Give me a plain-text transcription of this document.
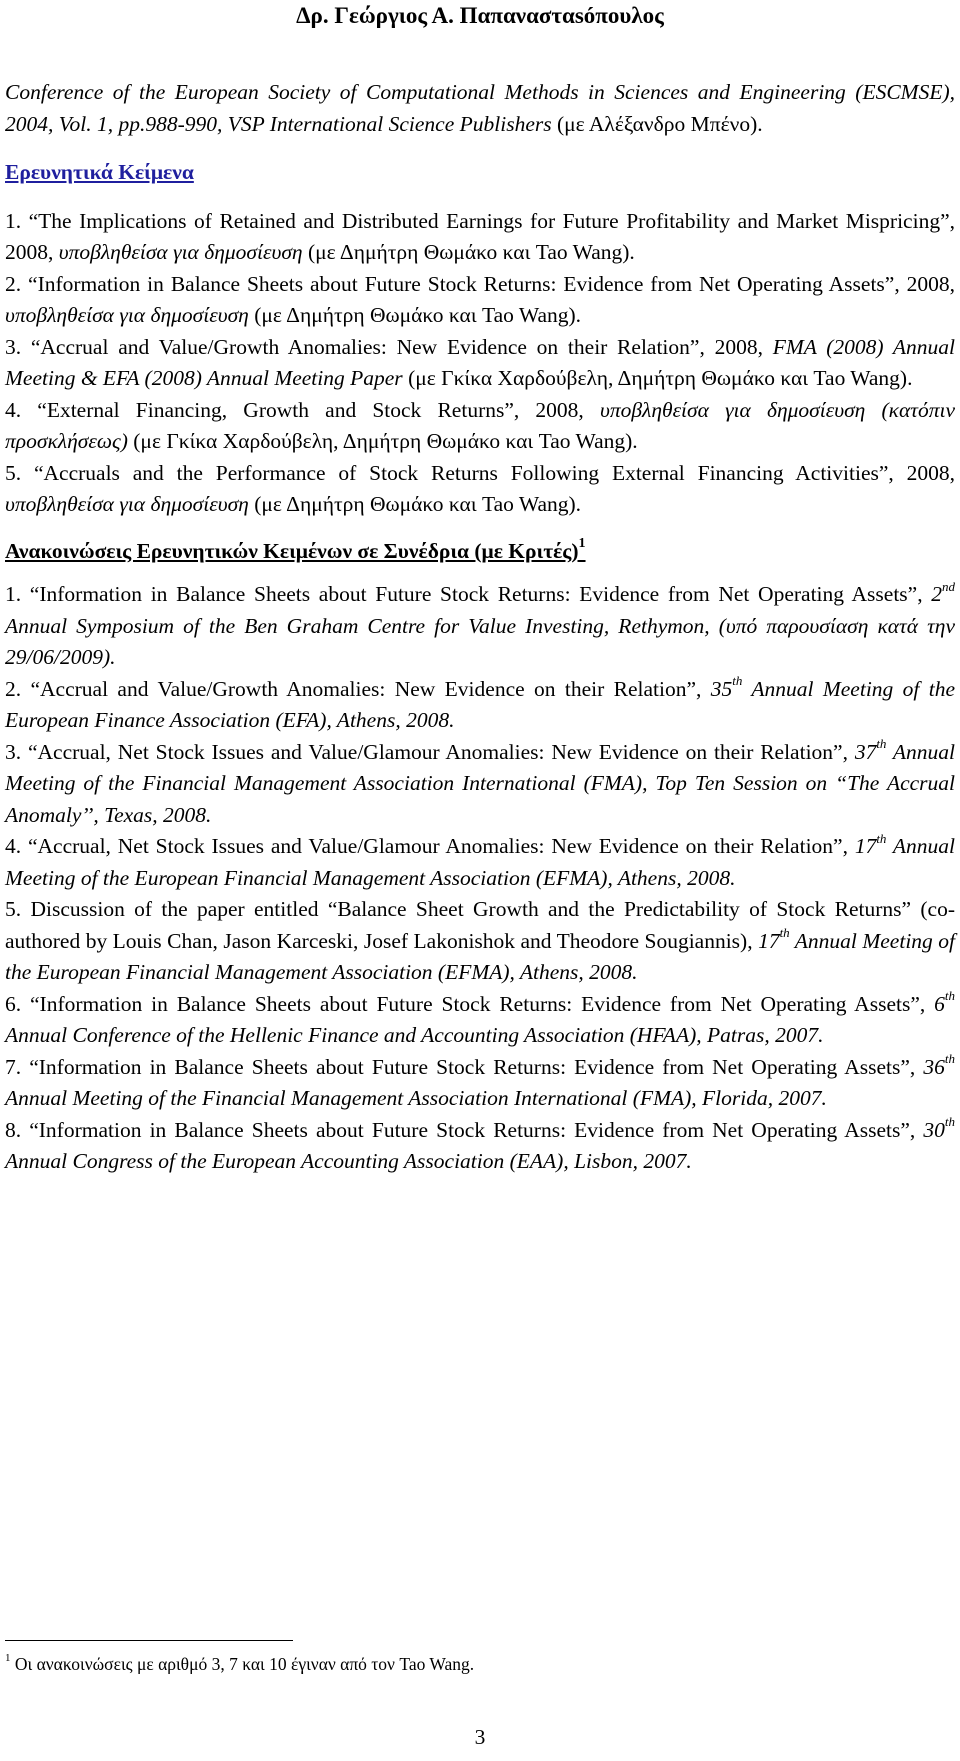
Δρ. Γεώργιος Α. Παπανασταsóπουλος

Conference of the European Society of Computational Methods in Sciences and Engineering (ESCMSE), 2004, Vol. 1, pp.988-990, VSP International Science Publishers (με Αλέξανδρο Μπένο).

Ερευνητικά Κείμενα

1. “The Implications of Retained and Distributed Earnings for Future Profitability and Market Mispricing”, 2008, υποβληθείσα για δημοσίευση (με Δημήτρη Θωμάκο και Tao Wang).

2. “Information in Balance Sheets about Future Stock Returns: Evidence from Net Operating Assets”, 2008, υποβληθείσα για δημοσίευση (με Δημήτρη Θωμάκο και Tao Wang).

3. “Accrual and Value/Growth Anomalies: New Evidence on their Relation”, 2008, FMA (2008) Annual Meeting & EFA (2008) Annual Meeting Paper (με Γκίκα Χαρδούβελη, Δημήτρη Θωμάκο και Tao Wang).

4. “External Financing, Growth and Stock Returns”, 2008, υποβληθείσα για δημοσίευση (κατόπιν προσκλήσεως) (με Γκίκα Χαρδούβελη, Δημήτρη Θωμάκο και Tao Wang).

5. “Accruals and the Performance of Stock Returns Following External Financing Activities”, 2008, υποβληθείσα για δημοσίευση (με Δημήτρη Θωμάκο και Tao Wang).

Ανακοινώσεις Ερευνητικών Κειμένων σε Συνέδρια (με Κριτές)$^1$

1. “Information in Balance Sheets about Future Stock Returns: Evidence from Net Operating Assets”, 2nd Annual Symposium of the Ben Graham Centre for Value Investing, Rethymon, (υπό παρουσίαση κατά την 29/06/2009).

2. “Accrual and Value/Growth Anomalies: New Evidence on their Relation”, 35th Annual Meeting of the European Finance Association (EFA), Athens, 2008.

3. “Accrual, Net Stock Issues and Value/Glamour Anomalies: New Evidence on their Relation”, 37th Annual Meeting of the Financial Management Association International (FMA), Top Ten Session on “The Accrual Anomaly’’, Texas, 2008.

4. “Accrual, Net Stock Issues and Value/Glamour Anomalies: New Evidence on their Relation”, 17th Annual Meeting of the European Financial Management Association (EFMA), Athens, 2008.

5. Discussion of the paper entitled “Balance Sheet Growth and the Predictability of Stock Returns” (co-authored by Louis Chan, Jason Karceski, Josef Lakonishok and Theodore Sougiannis), 17th Annual Meeting of the European Financial Management Association (EFMA), Athens, 2008.

6. “Information in Balance Sheets about Future Stock Returns: Evidence from Net Operating Assets”, 6th Annual Conference of the Hellenic Finance and Accounting Association (HFAA), Patras, 2007.

7. “Information in Balance Sheets about Future Stock Returns: Evidence from Net Operating Assets”, 36th Annual Meeting of the Financial Management Association International (FMA), Florida, 2007.

8. “Information in Balance Sheets about Future Stock Returns: Evidence from Net Operating Assets”, 30th Annual Congress of the European Accounting Association (EAA), Lisbon, 2007.

$^1$ Οι ανακοινώσεις με αριθμό 3, 7 και 10 έγιναν από τον Tao Wang.
3
